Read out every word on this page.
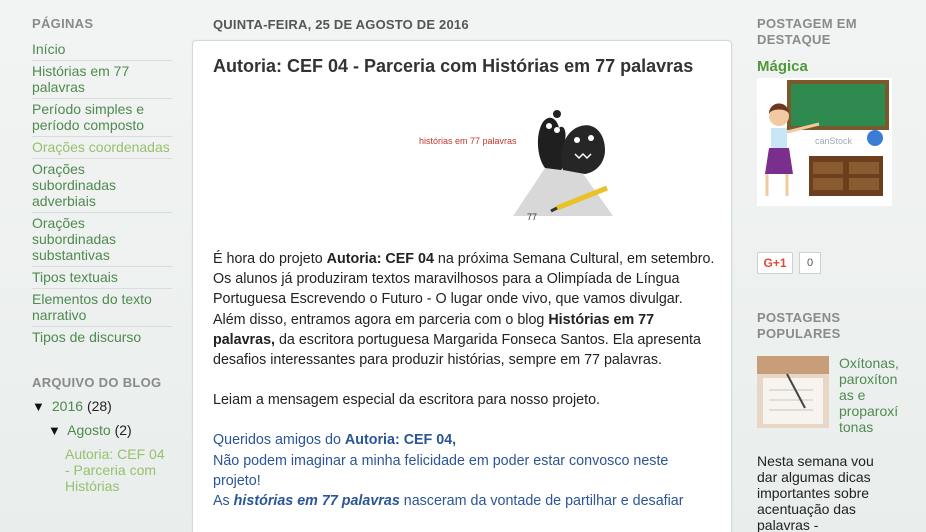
PÁGINAS
Início
Histórias em 77 palavras
Período simples e período composto
Orações coordenadas
Orações subordinadas adverbiais
Orações subordinadas substantivas
Tipos textuais
Elementos do texto narrativo
Tipos de discurso
ARQUIVO DO BLOG
▼ 2016 (28)
▼ Agosto (2)
Autoria: CEF 04 - Parceria com Histórias
QUINTA-FEIRA, 25 DE AGOSTO DE 2016
Autoria: CEF 04 - Parceria com Histórias em 77 palavras
histórias em 77 palavras
77

É hora do projeto Autoria: CEF 04 na próxima Semana Cultural, em setembro.
Os alunos já produziram textos maravilhosos para a Olimpíada de Língua Portuguesa Escrevendo o Futuro - O lugar onde vivo, que vamos divulgar.
Além disso, entramos agora em parceria com o blog Histórias em 77 palavras, da escritora portuguesa Margarida Fonseca Santos. Ela apresenta desafios interessantes para produzir histórias, sempre em 77 palavras.

Leiam a mensagem especial da escritora para nosso projeto.

Queridos amigos do Autoria: CEF 04,
Não podem imaginar a minha felicidade em poder estar convosco neste projeto!
As histórias em 77 palavras nasceram da vontade de partilhar e desafiar

POSTAGEM EM DESTAQUE
Mágica
canStock
G+1	0
POSTAGENS POPULARES
Oxítonas, paroxítonas e proparoxítonas
Nesta semana vou dar algumas dicas importantes sobre acentuação das palavras -
